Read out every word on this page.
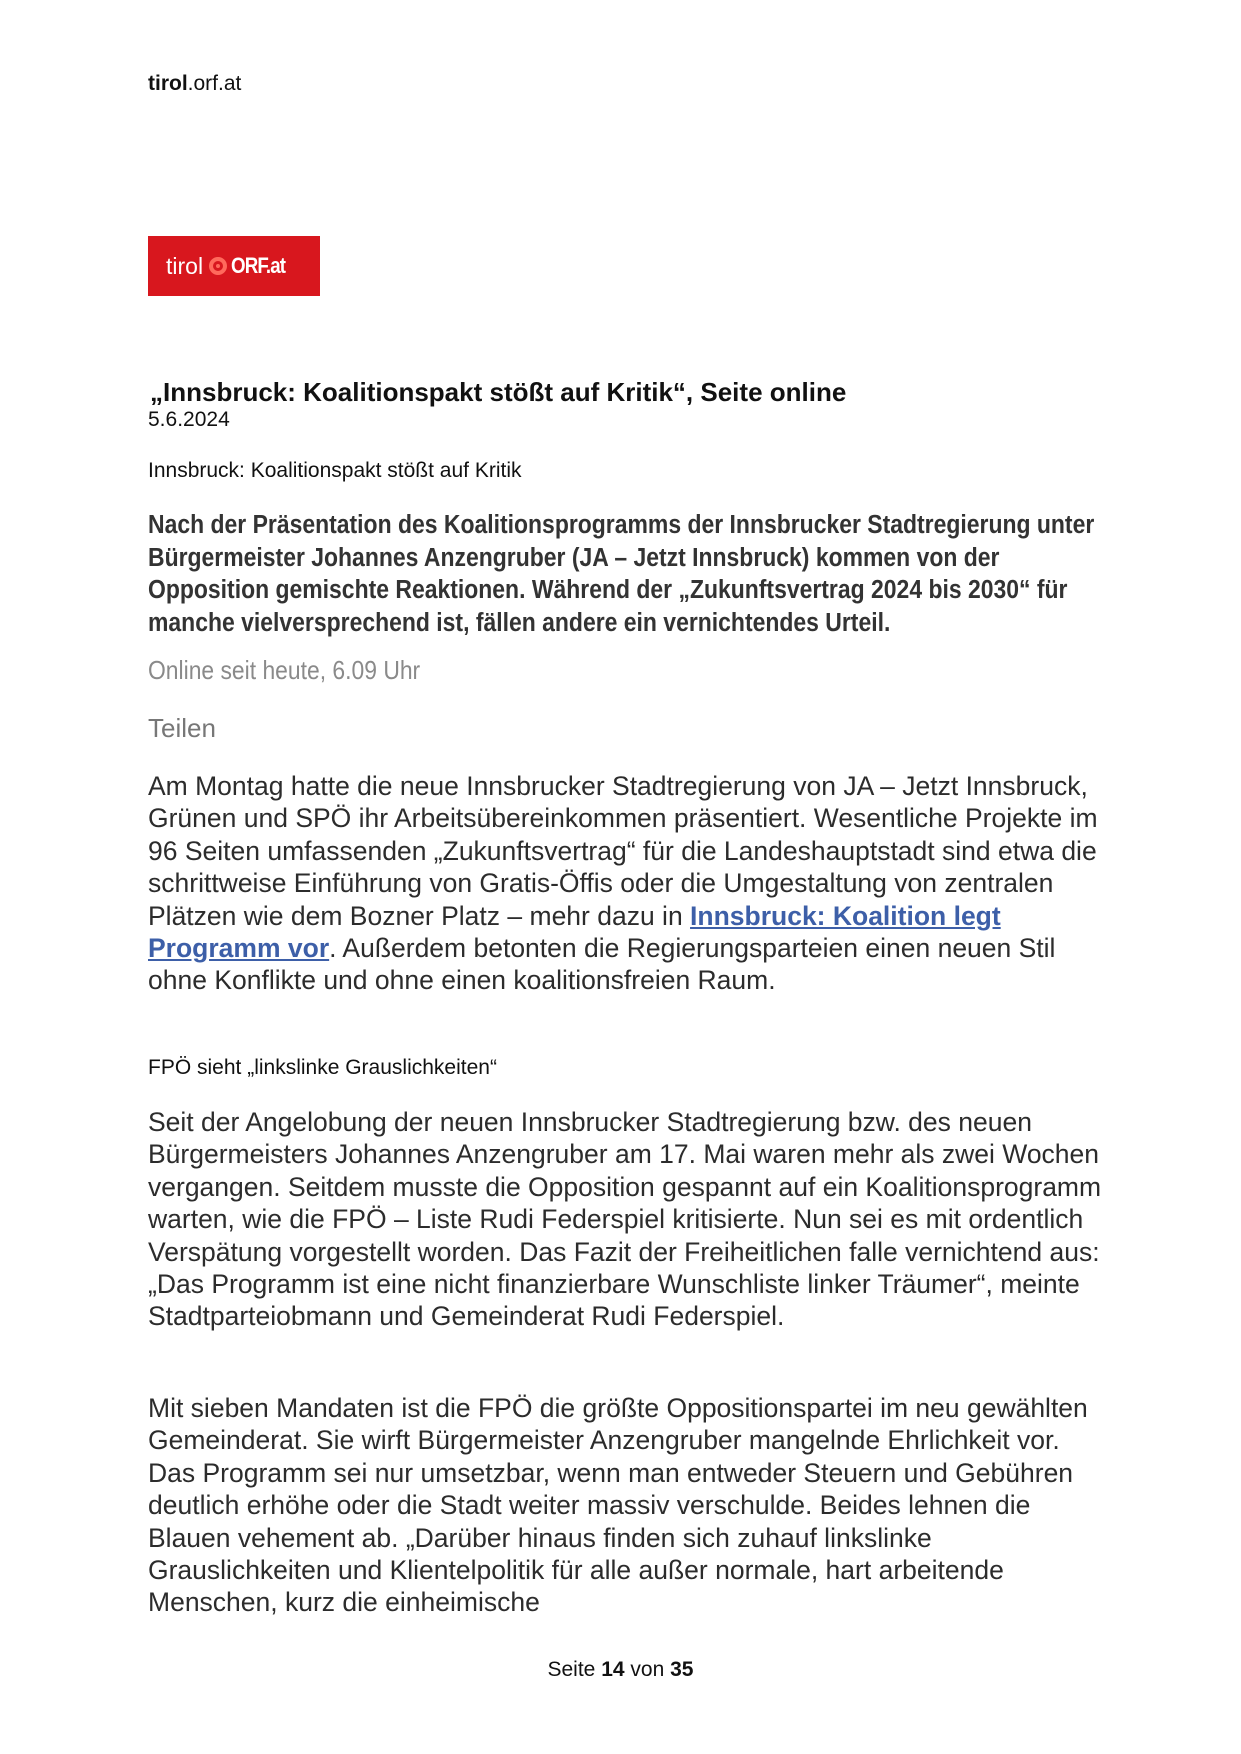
tirol.orf.at
tirol ORF.at
„Innsbruck: Koalitionspakt stößt auf Kritik“, Seite online
5.6.2024
Innsbruck: Koalitionspakt stößt auf Kritik
Nach der Präsentation des Koalitionsprogramms der Innsbrucker Stadtregierung unter Bürgermeister Johannes Anzengruber (JA – Jetzt Innsbruck) kommen von der Opposition gemischte Reaktionen. Während der „Zukunftsvertrag 2024 bis 2030“ für manche vielversprechend ist, fällen andere ein vernichtendes Urteil.
Online seit heute, 6.09 Uhr
Teilen
Am Montag hatte die neue Innsbrucker Stadtregierung von JA – Jetzt Innsbruck, Grünen und SPÖ ihr Arbeitsübereinkommen präsentiert. Wesentliche Projekte im 96 Seiten umfassenden „Zukunftsvertrag“ für die Landeshauptstadt sind etwa die schrittweise Einführung von Gratis-Öffis oder die Umgestaltung von zentralen Plätzen wie dem Bozner Platz – mehr dazu in Innsbruck: Koalition legt Programm vor. Außerdem betonten die Regierungsparteien einen neuen Stil ohne Konflikte und ohne einen koalitionsfreien Raum.
FPÖ sieht „linkslinke Grauslichkeiten“
Seit der Angelobung der neuen Innsbrucker Stadtregierung bzw. des neuen Bürgermeisters Johannes Anzengruber am 17. Mai waren mehr als zwei Wochen vergangen. Seitdem musste die Opposition gespannt auf ein Koalitionsprogramm warten, wie die FPÖ – Liste Rudi Federspiel kritisierte. Nun sei es mit ordentlich Verspätung vorgestellt worden. Das Fazit der Freiheitlichen falle vernichtend aus: „Das Programm ist eine nicht finanzierbare Wunschliste linker Träumer“, meinte Stadtparteiobmann und Gemeinderat Rudi Federspiel.
Mit sieben Mandaten ist die FPÖ die größte Oppositionspartei im neu gewählten Gemeinderat. Sie wirft Bürgermeister Anzengruber mangelnde Ehrlichkeit vor. Das Programm sei nur umsetzbar, wenn man entweder Steuern und Gebühren deutlich erhöhe oder die Stadt weiter massiv verschulde. Beides lehnen die Blauen vehement ab. „Darüber hinaus finden sich zuhauf linkslinke Grauslichkeiten und Klientelpolitik für alle außer normale, hart arbeitende Menschen, kurz die einheimische
Seite 14 von 35
